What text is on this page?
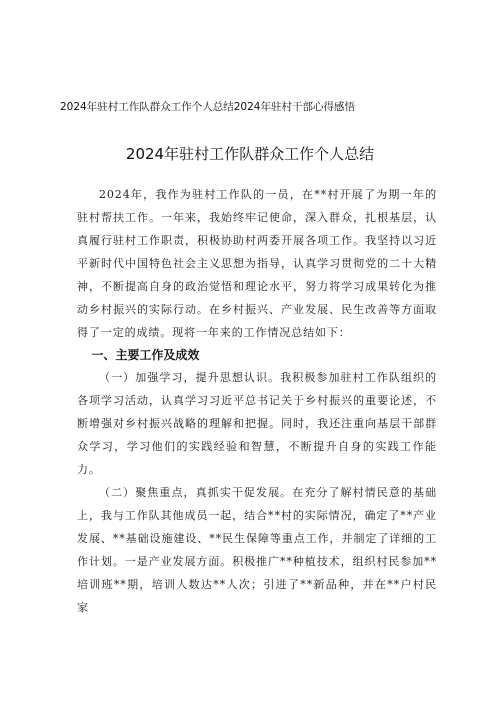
2024年驻村工作队群众工作个人总结2024年驻村干部心得感悟
2024年驻村工作队群众工作个人总结

2024年，我作为驻村工作队的一员，在**村开展了为期一年的驻村帮扶工作。一年来，我始终牢记使命，深入群众，扎根基层，认真履行驻村工作职责，积极协助村两委开展各项工作。我坚持以习近平新时代中国特色社会主义思想为指导，认真学习贯彻党的二十大精神，不断提高自身的政治觉悟和理论水平，努力将学习成果转化为推动乡村振兴的实际行动。在乡村振兴、产业发展、民生改善等方面取得了一定的成绩。现将一年来的工作情况总结如下：

一、主要工作及成效

（一）加强学习，提升思想认识。我积极参加驻村工作队组织的各项学习活动，认真学习习近平总书记关于乡村振兴的重要论述，不断增强对乡村振兴战略的理解和把握。同时，我还注重向基层干部群众学习，学习他们的实践经验和智慧，不断提升自身的实践工作能力。

（二）聚焦重点，真抓实干促发展。在充分了解村情民意的基础上，我与工作队其他成员一起，结合**村的实际情况，确定了**产业发展、**基础设施建设、**民生保障等重点工作，并制定了详细的工作计划。一是产业发展方面。积极推广**种植技术，组织村民参加**培训班**期，培训人数达**人次；引进了**新品种，并在**户村民家
